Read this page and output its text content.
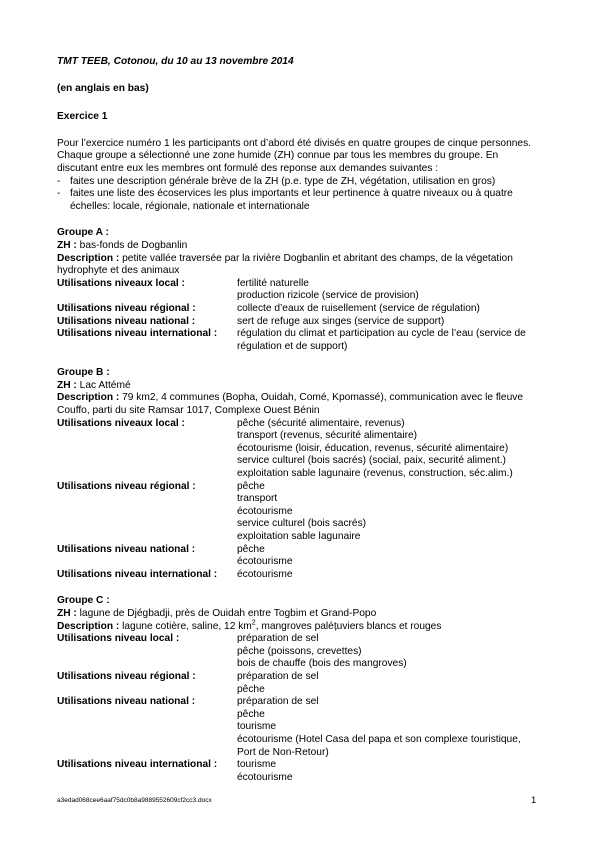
TMT TEEB, Cotonou, du 10 au 13 novembre 2014

(en anglais en bas)

Exercice 1

Pour l’exercice numéro 1 les participants ont d’abord été divisés en quatre groupes de cinque personnes. Chaque groupe a sélectionné une zone humide (ZH) connue par tous les membres du groupe. En discutant entre eux les membres ont formulé des reponse aux demandes suivantes :

- faites une description générale brève de la ZH (p.e. type de ZH, végétation, utilisation en gros)
- faites une liste des écoservices les plus importants et leur pertinence à quatre niveaux ou à quatre échelles: locale, régionale, nationale et internationale

Groupe A :

ZH : bas-fonds de Dogbanlin

Description : petite vallée traversée par la rivière Dogbanlin et abritant des champs, de la végetation hydrophyte et des animaux

Utilisations niveaux local :	fertilité naturelle
production rizicole (service de provision)
Utilisations niveau régional :	collecte d’eaux de ruisellement (service de régulation)
Utilisations niveau national :	sert de refuge aux singes (service de support)
Utilisations niveau international :	régulation du climat et participation au cycle de l’eau (service de régulation et de support)

Groupe B :

ZH : Lac Attémé

Description : 79 km2, 4 communes (Bopha, Ouidah, Comé, Kpomassé), communication avec le fleuve Couffo, parti du site Ramsar 1017, Complexe Ouest Bénin

Utilisations niveaux local :	pêche (sécurité alimentaire, revenus)
transport (revenus, sécurité alimentaire)
écotourisme (loisir, éducation, revenus, sécurité alimentaire)
service culturel (bois sacrés) (social, paix, securité aliment.)
exploitation sable lagunaire (revenus, construction, séc.alim.)
Utilisations niveau régional :	pêche
transport
écotourisme
service culturel (bois sacrés)
exploitation sable lagunaire
Utilisations niveau national :	pêche
écotourisme
Utilisations niveau international :	écotourisme

Groupe C :

ZH : lagune de Djégbadji, près de Ouidah entre Togbim et Grand-Popo

Description : lagune cotière, saline, 12 $km^2$, mangroves paléțuviers blancs et rouges

Utilisations niveau local :	préparation de sel
pêche (poissons, crevettes)
bois de chauffe (bois des mangroves)
Utilisations niveau régional :	préparation de sel
pêche
Utilisations niveau national :	préparation de sel
pêche
tourisme
écotourisme (Hotel Casa del papa et son complexe touristique, Port de Non-Retour)
Utilisations niveau international :	tourisme
écotourisme
a3edad068cee6aaf75dc0b8a9889552609cf2cc3.docx	1
